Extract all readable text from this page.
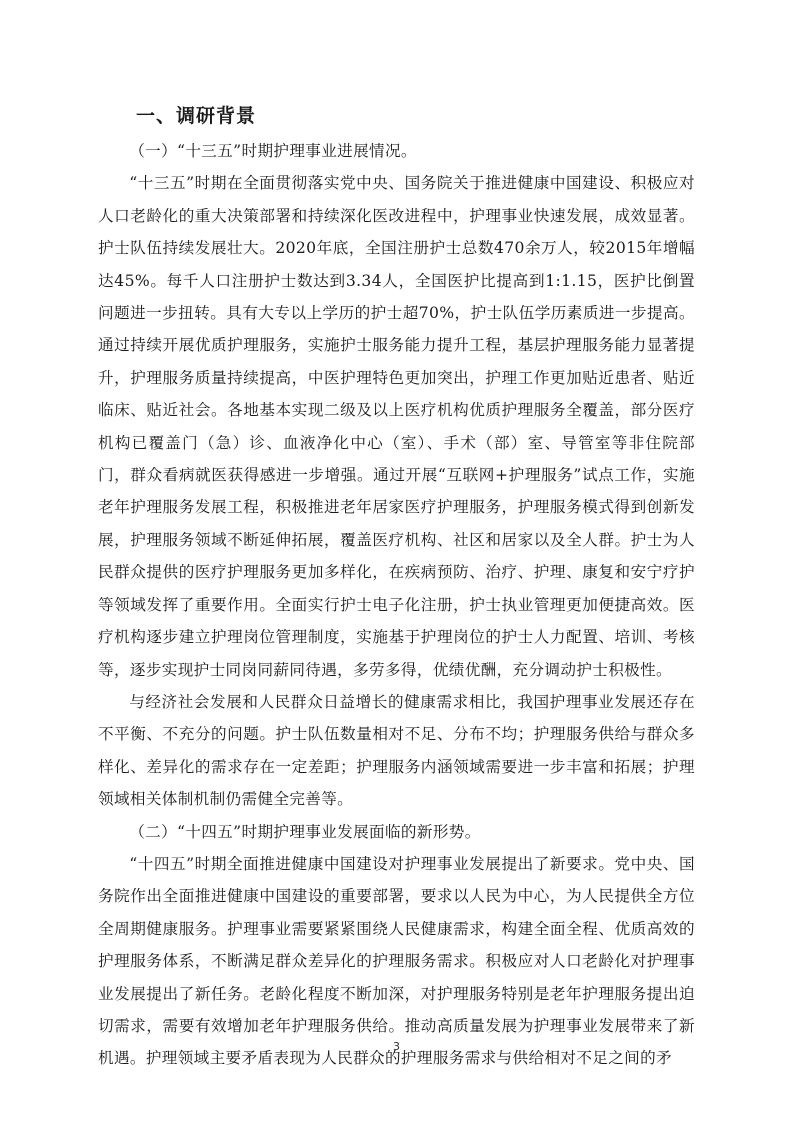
一、调研背景

（一）“十三五”时期护理事业进展情况。

“十三五”时期在全面贯彻落实党中央、国务院关于推进健康中国建设、积极应对人口老龄化的重大决策部署和持续深化医改进程中，护理事业快速发展，成效显著。护士队伍持续发展壮大。2020年底，全国注册护士总数470余万人，较2015年增幅达45%。每千人口注册护士数达到3.34人，全国医护比提高到1:1.15，医护比倒置问题进一步扭转。具有大专以上学历的护士超70%，护士队伍学历素质进一步提高。通过持续开展优质护理服务，实施护士服务能力提升工程，基层护理服务能力显著提升，护理服务质量持续提高，中医护理特色更加突出，护理工作更加贴近患者、贴近临床、贴近社会。各地基本实现二级及以上医疗机构优质护理服务全覆盖，部分医疗机构已覆盖门（急）诊、血液净化中心（室）、手术（部）室、导管室等非住院部门，群众看病就医获得感进一步增强。通过开展“互联网+护理服务”试点工作，实施老年护理服务发展工程，积极推进老年居家医疗护理服务，护理服务模式得到创新发展，护理服务领域不断延伸拓展，覆盖医疗机构、社区和居家以及全人群。护士为人民群众提供的医疗护理服务更加多样化，在疾病预防、治疗、护理、康复和安宁疗护等领域发挥了重要作用。全面实行护士电子化注册，护士执业管理更加便捷高效。医疗机构逐步建立护理岗位管理制度，实施基于护理岗位的护士人力配置、培训、考核等，逐步实现护士同岗同薪同待遇，多劳多得，优绩优酬，充分调动护士积极性。

与经济社会发展和人民群众日益增长的健康需求相比，我国护理事业发展还存在不平衡、不充分的问题。护士队伍数量相对不足、分布不均；护理服务供给与群众多样化、差异化的需求存在一定差距；护理服务内涵领域需要进一步丰富和拓展；护理领域相关体制机制仍需健全完善等。

（二）“十四五”时期护理事业发展面临的新形势。

“十四五”时期全面推进健康中国建设对护理事业发展提出了新要求。党中央、国务院作出全面推进健康中国建设的重要部署，要求以人民为中心，为人民提供全方位全周期健康服务。护理事业需要紧紧围绕人民健康需求，构建全面全程、优质高效的护理服务体系，不断满足群众差异化的护理服务需求。积极应对人口老龄化对护理事业发展提出了新任务。老龄化程度不断加深，对护理服务特别是老年护理服务提出迫切需求，需要有效增加老年护理服务供给。推动高质量发展为护理事业发展带来了新机遇。护理领域主要矛盾表现为人民群众的护理服务需求与供给相对不足之间的矛

3
